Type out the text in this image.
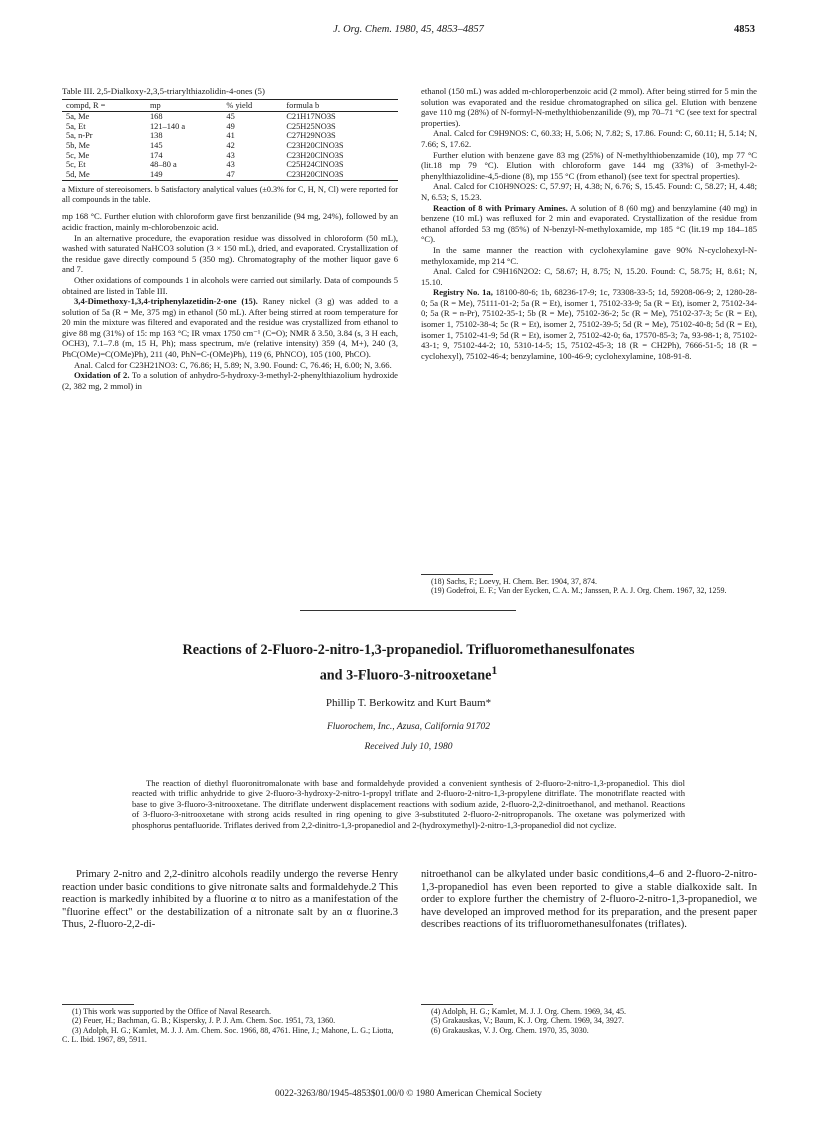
J. Org. Chem. 1980, 45, 4853–4857	4853
Table III. 2,5-Dialkoxy-2,3,5-triarylthiazolidin-4-ones (5)
compd, R =	mp	% yield	formula b
5a, Me	168	45	C21H17NO3S
5a, Et	121–140 a	49	C25H25NO3S
5a, n-Pr	138	41	C27H29NO3S
5b, Me	145	42	C23H20ClNO3S
5c, Me	174	43	C23H20ClNO3S
5c, Et	48–80 a	43	C25H24ClNO3S
5d, Me	149	47	C23H20ClNO3S
a Mixture of stereoisomers. b Satisfactory analytical values (±0.3% for C, H, N, Cl) were reported for all compounds in the table.

mp 168 °C. Further elution with chloroform gave first benzanilide (94 mg, 24%), followed by an acidic fraction, mainly m-chlorobenzoic acid.

In an alternative procedure, the evaporation residue was dissolved in chloroform (50 mL), washed with saturated NaHCO3 solution (3 × 150 mL), dried, and evaporated. Crystallization of the residue gave directly compound 5 (350 mg). Chromatography of the mother liquor gave 6 and 7.

Other oxidations of compounds 1 in alcohols were carried out similarly. Data of compounds 5 obtained are listed in Table III.

3,4-Dimethoxy-1,3,4-triphenylazetidin-2-one (15). Raney nickel (3 g) was added to a solution of 5a (R = Me, 375 mg) in ethanol (50 mL). After being stirred at room temperature for 20 min the mixture was filtered and evaporated and the residue was crystallized from ethanol to give 88 mg (31%) of 15: mp 163 °C; IR νmax 1750 cm⁻¹ (C=O); NMR δ 3.50, 3.84 (s, 3 H each, OCH3), 7.1–7.8 (m, 15 H, Ph); mass spectrum, m/e (relative intensity) 359 (4, M+), 240 (3, PhC(OMe)=C(OMe)Ph), 211 (40, PhN=C-(OMe)Ph), 119 (6, PhNCO), 105 (100, PhCO).

Anal. Calcd for C23H21NO3: C, 76.86; H, 5.89; N, 3.90. Found: C, 76.46; H, 6.00; N, 3.66.

Oxidation of 2. To a solution of anhydro-5-hydroxy-3-methyl-2-phenylthiazolium hydroxide (2, 382 mg, 2 mmol) in

ethanol (150 mL) was added m-chloroperbenzoic acid (2 mmol). After being stirred for 5 min the solution was evaporated and the residue chromatographed on silica gel. Elution with benzene gave 110 mg (28%) of N-formyl-N-methylthiobenzanilide (9), mp 70–71 °C (see text for spectral properties).

Anal. Calcd for C9H9NOS: C, 60.33; H, 5.06; N, 7.82; S, 17.86. Found: C, 60.11; H, 5.14; N, 7.66; S, 17.62.

Further elution with benzene gave 83 mg (25%) of N-methylthiobenzamide (10), mp 77 °C (lit.18 mp 79 °C). Elution with chloroform gave 144 mg (33%) of 3-methyl-2-phenylthiazolidine-4,5-dione (8), mp 155 °C (from ethanol) (see text for spectral properties).

Anal. Calcd for C10H9NO2S: C, 57.97; H, 4.38; N, 6.76; S, 15.45. Found: C, 58.27; H, 4.48; N, 6.53; S, 15.23.

Reaction of 8 with Primary Amines. A solution of 8 (60 mg) and benzylamine (40 mg) in benzene (10 mL) was refluxed for 2 min and evaporated. Crystallization of the residue from ethanol afforded 53 mg (85%) of N-benzyl-N-methyloxamide, mp 185 °C (lit.19 mp 184–185 °C).

In the same manner the reaction with cyclohexylamine gave 90% N-cyclohexyl-N-methyloxamide, mp 214 °C.

Anal. Calcd for C9H16N2O2: C, 58.67; H, 8.75; N, 15.20. Found: C, 58.75; H, 8.61; N, 15.10.

Registry No. 1a, 18100-80-6; 1b, 68236-17-9; 1c, 73308-33-5; 1d, 59208-06-9; 2, 1280-28-0; 5a (R = Me), 75111-01-2; 5a (R = Et), isomer 1, 75102-33-9; 5a (R = Et), isomer 2, 75102-34-0; 5a (R = n-Pr), 75102-35-1; 5b (R = Me), 75102-36-2; 5c (R = Me), 75102-37-3; 5c (R = Et), isomer 1, 75102-38-4; 5c (R = Et), isomer 2, 75102-39-5; 5d (R = Me), 75102-40-8; 5d (R = Et), isomer 1, 75102-41-9; 5d (R = Et), isomer 2, 75102-42-0; 6a, 17570-85-3; 7a, 93-98-1; 8, 75102-43-1; 9, 75102-44-2; 10, 5310-14-5; 15, 75102-45-3; 18 (R = CH2Ph), 7666-51-5; 18 (R = cyclohexyl), 75102-46-4; benzylamine, 100-46-9; cyclohexylamine, 108-91-8.

(18) Sachs, F.; Loevy, H. Chem. Ber. 1904, 37, 874.

(19) Godefroi, E. F.; Van der Eycken, C. A. M.; Janssen, P. A. J. Org. Chem. 1967, 32, 1259.

Reactions of 2-Fluoro-2-nitro-1,3-propanediol. Trifluoromethanesulfonates
and 3-Fluoro-3-nitrooxetane$^1$
Phillip T. Berkowitz and Kurt Baum*
Fluorochem, Inc., Azusa, California 91702
Received July 10, 1980
The reaction of diethyl fluoronitromalonate with base and formaldehyde provided a convenient synthesis of 2-fluoro-2-nitro-1,3-propanediol. This diol reacted with triflic anhydride to give 2-fluoro-3-hydroxy-2-nitro-1-propyl triflate and 2-fluoro-2-nitro-1,3-propylene ditriflate. The monotriflate reacted with base to give 3-fluoro-3-nitrooxetane. The ditriflate underwent displacement reactions with sodium azide, 2-fluoro-2,2-dinitroethanol, and methanol. Reactions of 3-fluoro-3-nitrooxetane with strong acids resulted in ring opening to give 3-substituted 2-fluoro-2-nitropropanols. The oxetane was polymerized with phosphorus pentafluoride. Triflates derived from 2,2-dinitro-1,3-propanediol and 2-(hydroxymethyl)-2-nitro-1,3-propanediol did not cyclize.

Primary 2-nitro and 2,2-dinitro alcohols readily undergo the reverse Henry reaction under basic conditions to give nitronate salts and formaldehyde.2 This reaction is markedly inhibited by a fluorine α to nitro as a manifestation of the "fluorine effect" or the destabilization of a nitronate salt by an α fluorine.3 Thus, 2-fluoro-2,2-di-

nitroethanol can be alkylated under basic conditions,4–6 and 2-fluoro-2-nitro-1,3-propanediol has even been reported to give a stable dialkoxide salt. In order to explore further the chemistry of 2-fluoro-2-nitro-1,3-propanediol, we have developed an improved method for its preparation, and the present paper describes reactions of its trifluoromethanesulfonates (triflates).

(1) This work was supported by the Office of Naval Research.

(2) Feuer, H.; Bachman, G. B.; Kispersky, J. P. J. Am. Chem. Soc. 1951, 73, 1360.

(3) Adolph, H. G.; Kamlet, M. J. J. Am. Chem. Soc. 1966, 88, 4761. Hine, J.; Mahone, L. G.; Liotta, C. L. Ibid. 1967, 89, 5911.

(4) Adolph, H. G.; Kamlet, M. J. J. Org. Chem. 1969, 34, 45.

(5) Grakauskas, V.; Baum, K. J. Org. Chem. 1969, 34, 3927.

(6) Grakauskas, V. J. Org. Chem. 1970, 35, 3030.

0022-3263/80/1945-4853$01.00/0 © 1980 American Chemical Society
